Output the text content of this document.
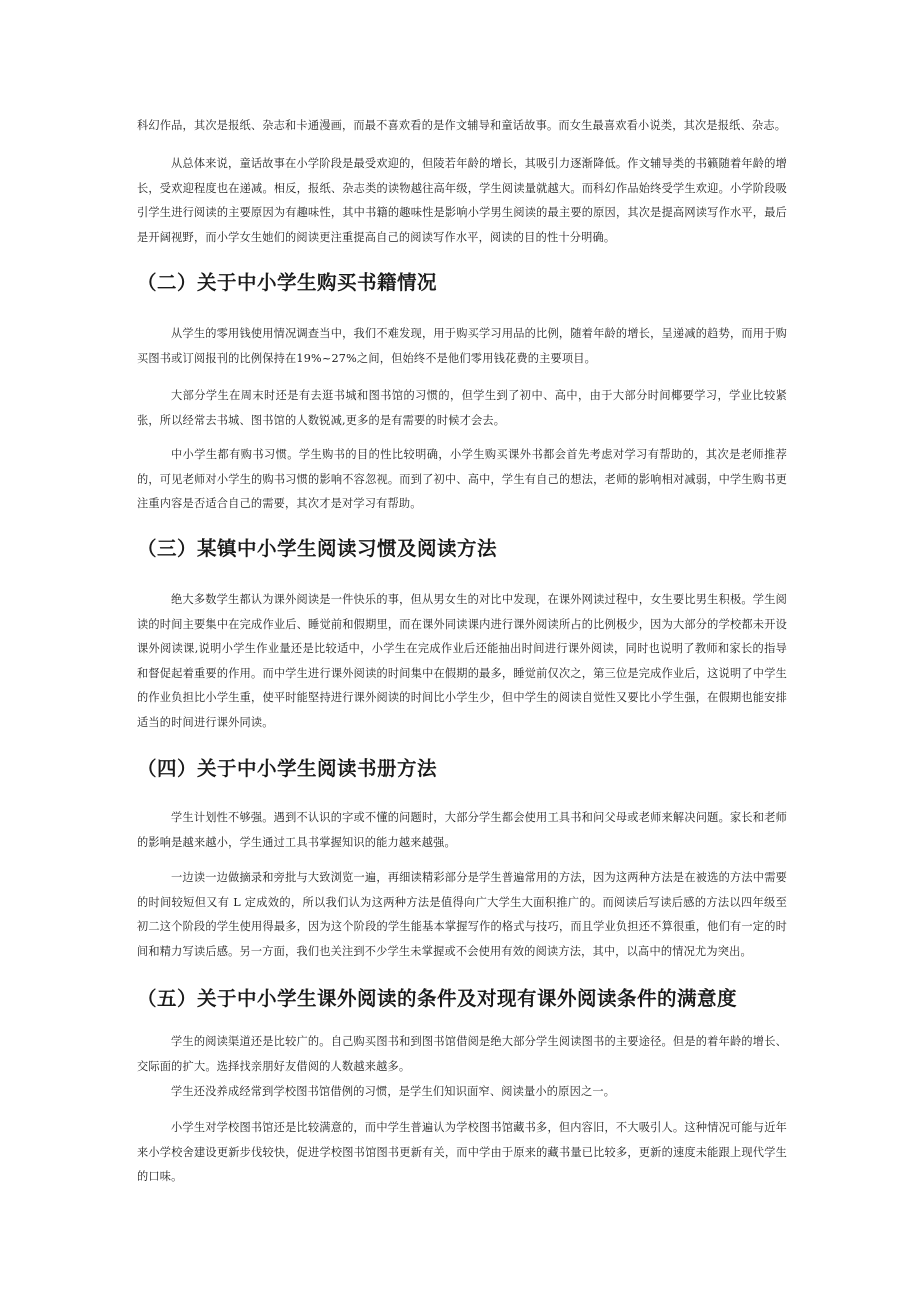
科幻作品，其次是报纸、杂志和卡通漫画，而最不喜欢看的是作文辅导和童话故事。而女生最喜欢看小说类，其次是报纸、杂志。

从总体来说，童话故事在小学阶段是最受欢迎的，但陵若年龄的增长，其吸引力逐渐降低。作文辅导类的书籁随着年龄的增长，受欢迎程度也在递减。相反，报纸、杂志类的读物越往高年级，学生阅读量就越大。而科幻作品始终受学生欢迎。小学阶段吸引学生进行阅读的主要原因为有趣味性，其中书籍的趣味性是影响小学男生阅读的最主要的原因，其次是提高网读写作水平，最后是开阔视野，而小学女生她们的阅读更注重提高自己的阅读写作水平，阅读的目的性十分明确。

（二）关于中小学生购买书籍情况

从学生的零用钱使用情况调查当中，我们不难发现，用于购买学习用品的比例，随着年龄的增长，呈递减的趋势，而用于购买图书或订阅报刊的比例保持在19%~27%之间，但始终不是他们零用钱花费的主要项目。

大部分学生在周末时还是有去逛书城和图书馆的习惯的，但学生到了初中、高中，由于大部分时间椰要学习，学业比较紧张，所以经常去书城、图书馆的人数锐减,更多的是有需要的时候才会去。

中小学生都有购书习惯。学生购书的目的性比较明确，小学生购买课外书都会首先考虑对学习有帮助的，其次是老师推荐的，可见老师对小学生的购书习惯的影响不容忽视。而到了初中、高中，学生有自己的想法，老师的影响相对减弱，中学生购书更注重内容是否适合自己的需要，其次才是对学习有帮助。

（三）某镇中小学生阅读习惯及阅读方法

绝大多数学生都认为课外阅读是一件快乐的事，但从男女生的对比中发现，在课外网读过程中，女生要比男生积极。学生阅读的时间主要集中在完成作业后、睡觉前和假期里，而在课外同读课内进行课外阅读所占的比例极少，因为大部分的学校都未开设课外阅读课,说明小学生作业量还是比较适中，小学生在完成作业后还能抽出时间进行课外阅读，同时也说明了教师和家长的指导和督促起着重要的作用。而中学生进行课外阅读的时间集中在假期的最多，睡觉前仅次之，第三位是完成作业后，这说明了中学生的作业负担比小学生重，使平时能堅持进行课外阅读的时间比小学生少，但中学生的阅读自觉性又要比小学生强，在假期也能安排适当的时间进行课外同读。

（四）关于中小学生阅读书册方法

学生计划性不够强。遇到不认识的字或不懂的问题时，大部分学生都会使用工具书和问父母或老师来解决问题。家长和老师的影响是越来越小，学生通过工具书掌握知识的能力越来越强。

一边读一边做摘录和旁批与大致浏览一遍，再细读精彩部分是学生普遍常用的方法，因为这两种方法是在被选的方法中需要的时间较短但又有 L 定成效的，所以我们认为这两种方法是值得向广大学生大面积推广的。而阅读后写读后感的方法以四年级至初二这个阶段的学生使用得最多，因为这个阶段的学生能基本掌握写作的格式与技巧，而且学业负担还不算很重，他们有一定的时间和精力写读后感。另一方面，我们也关注到不少学生未掌握或不会使用有效的阅读方法，其中，以高中的情况尤为突出。

（五）关于中小学生课外阅读的条件及对现有课外阅读条件的满意度

学生的阅读渠道还是比较广的。自己购买图书和到图书馆借阅是绝大部分学生阅读图书的主要途径。但是的着年龄的增长、交际面的扩大。选择找亲朋好友借阅的人数越来越多。

学生还没养成经常到学校图书馆借例的习惯，是学生们知识面窄、阅读量小的原因之一。

小学生对学校图书馆还是比较满意的，而中学生普遍认为学校图书馆藏书多，但内容旧，不大吸引人。这种情况可能与近年来小学校舍建设更新步伐较快，促进学校图书馆图书更新有关，而中学由于原来的藏书量已比较多，更新的速度未能跟上现代学生的口味。
